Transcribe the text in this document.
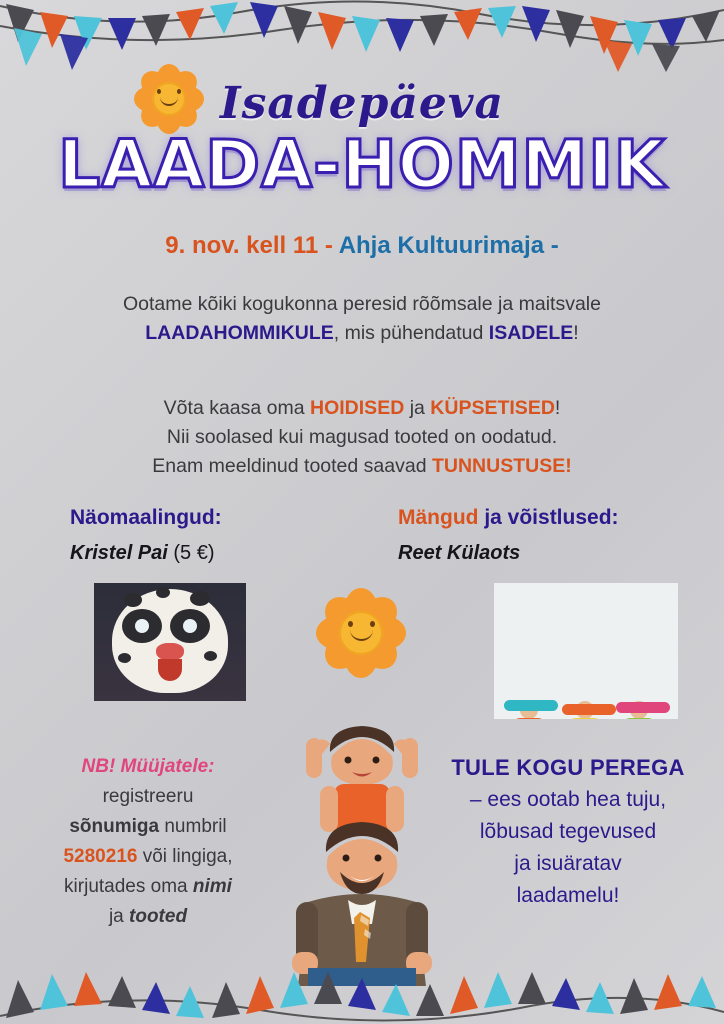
Isadepäeva
LAADA-HOMMIK
9. nov. kell 11 - Ahja Kultuurimaja -
Ootame kõiki kogukonna peresid rõõmsale ja maitsvale
LAADAHOMMIKULE, mis pühendatud ISADELE!
Võta kaasa oma HOIDISED ja KÜPSETISED!
Nii soolased kui magusad tooted on oodatud.
Enam meeldinud tooted saavad TUNNUSTUSE!
Näomaalingud:
Kristel Pai (5 €)
Mängud ja võistlused:
Reet Külaots
NB! Müüjatele:
registreeru
sõnumiga numbril
5280216 või lingiga,
kirjutades oma nimi
ja tooted
TULE KOGU PEREGA
– ees ootab hea tuju,
lõbusad tegevused
ja isuäratav
laadamelu!
